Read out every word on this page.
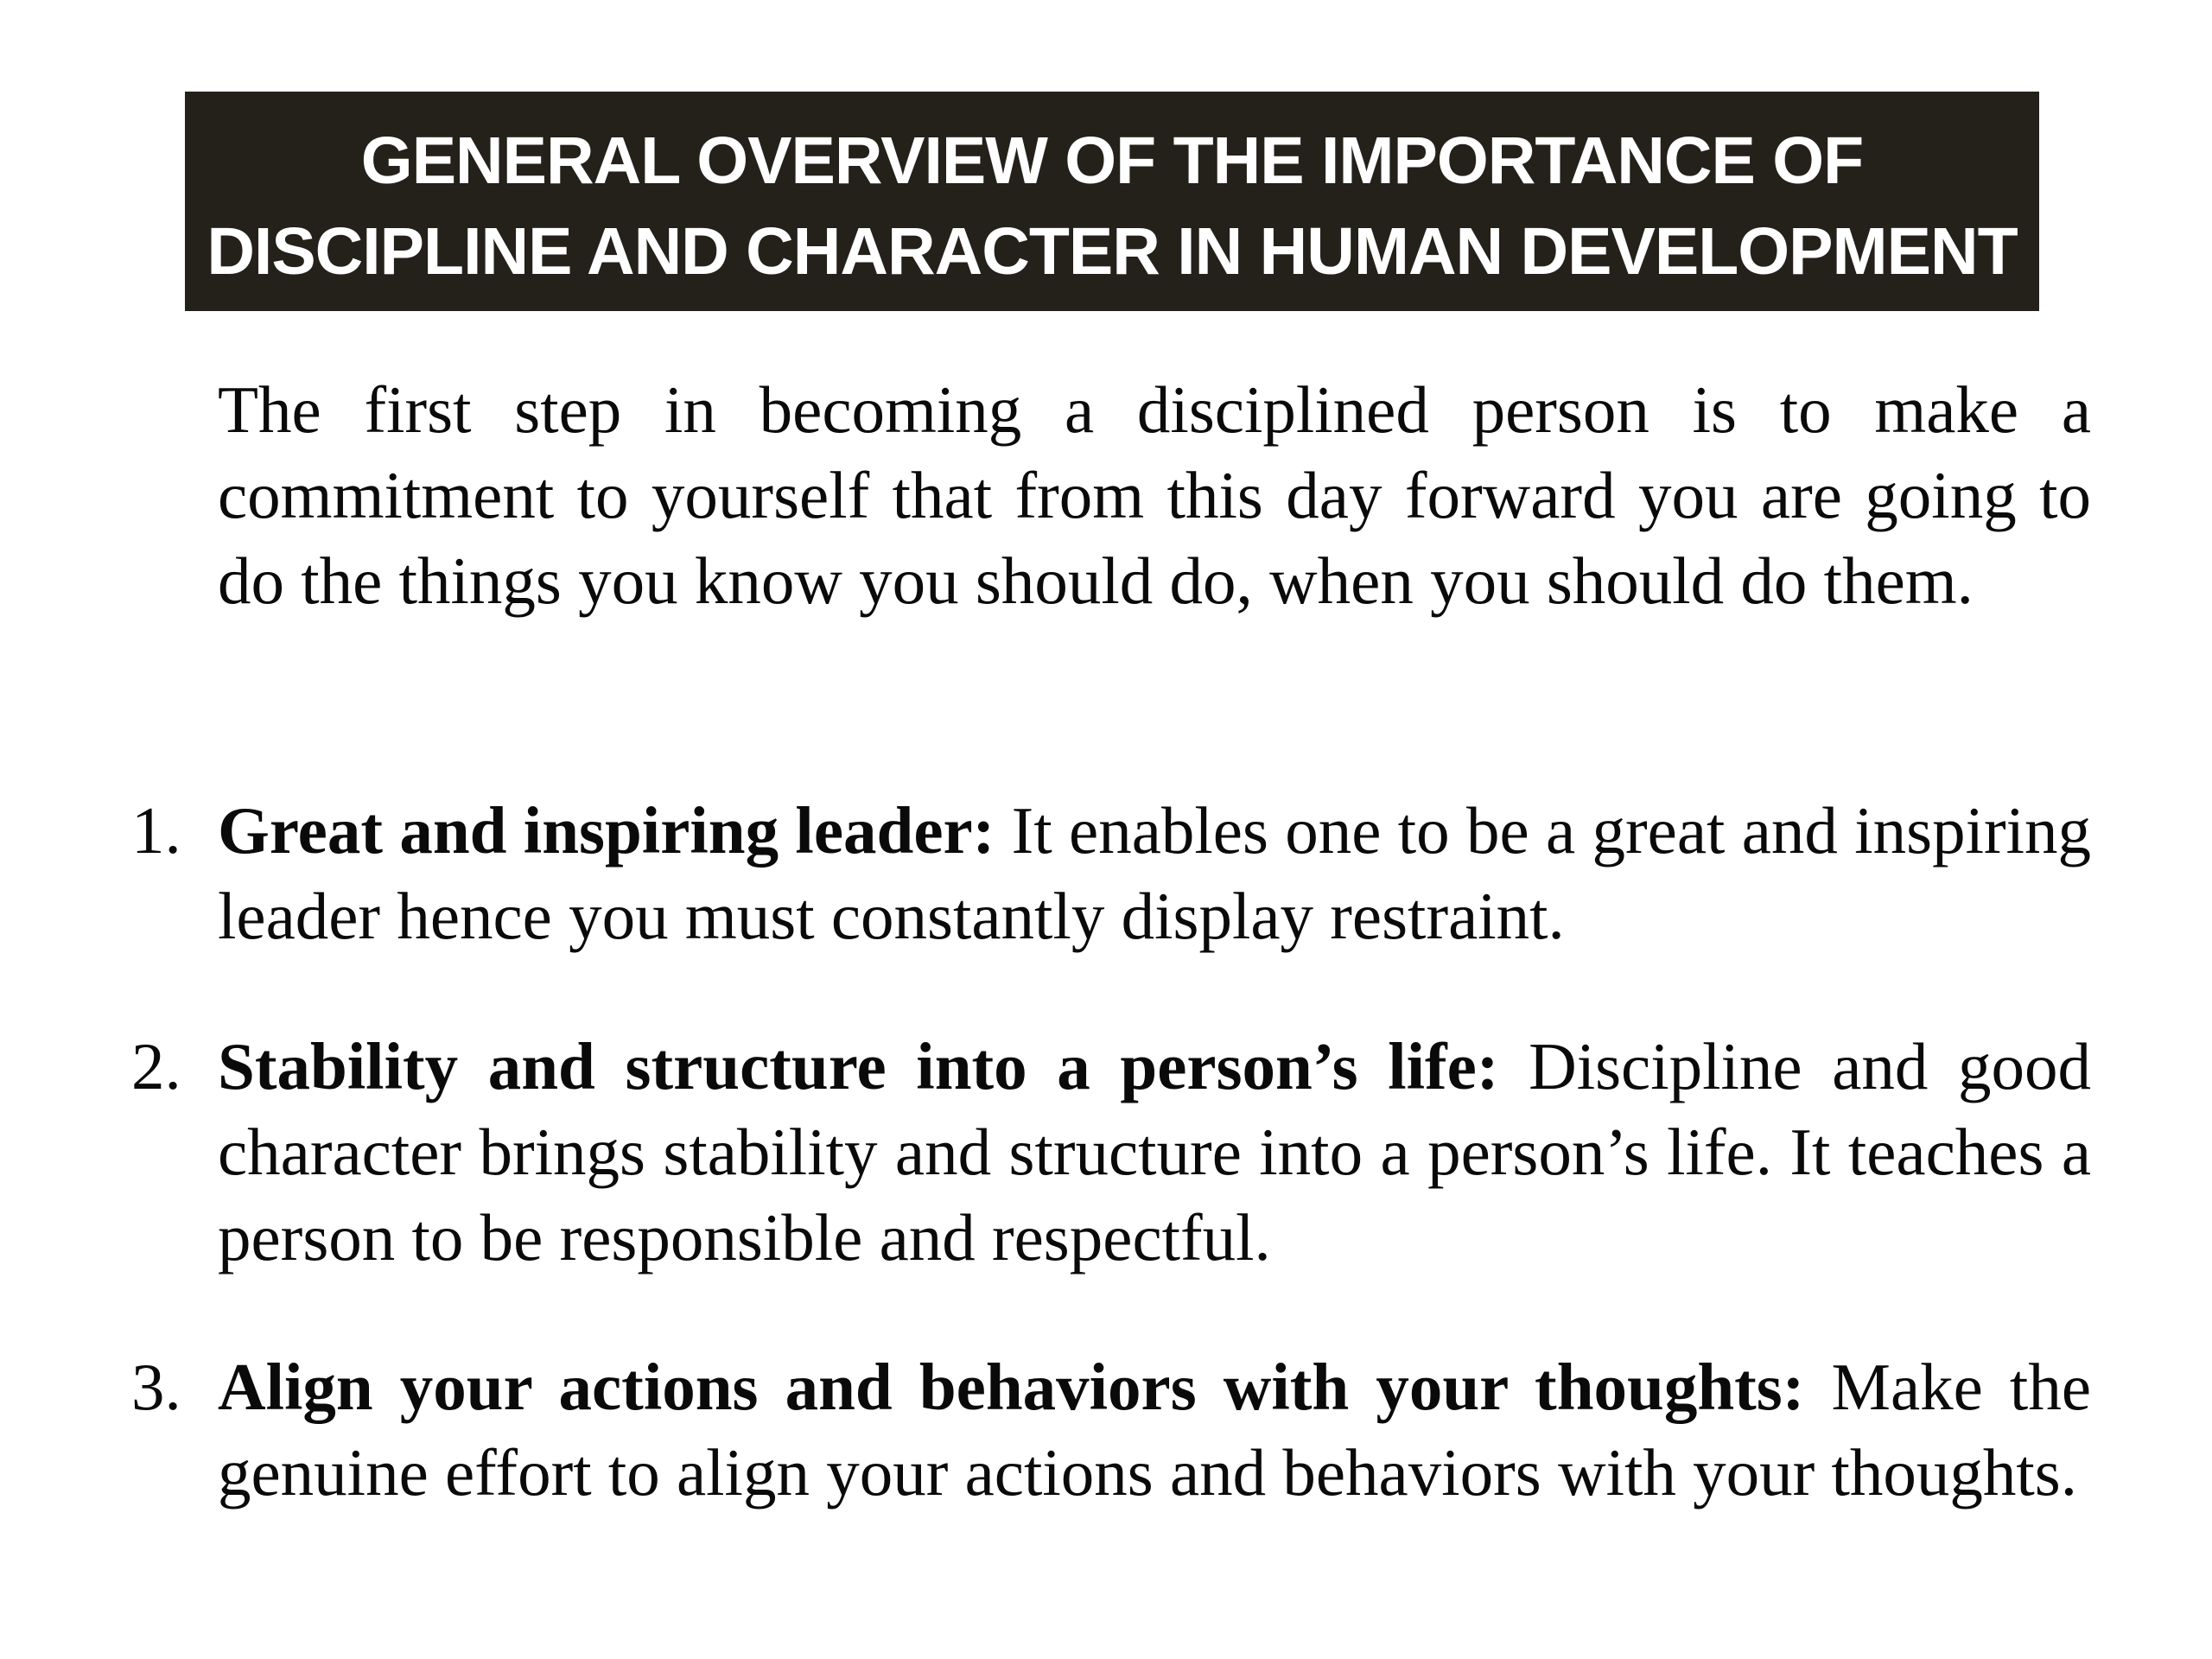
GENERAL OVERVIEW OF THE IMPORTANCE OF
DISCIPLINE AND CHARACTER IN HUMAN DEVELOPMENT

The first step in becoming a disciplined person is to make a commitment to yourself that from this day forward you are going to do the things you know you should do, when you should do them.

1. Great and inspiring leader: It enables one to be a great and inspiring leader hence you must constantly display restraint.
2. Stability and structure into a person’s life: Discipline and good character brings stability and structure into a person’s life. It teaches a person to be responsible and respectful.
3. Align your actions and behaviors with your thoughts: Make the genuine effort to align your actions and behaviors with your thoughts.
